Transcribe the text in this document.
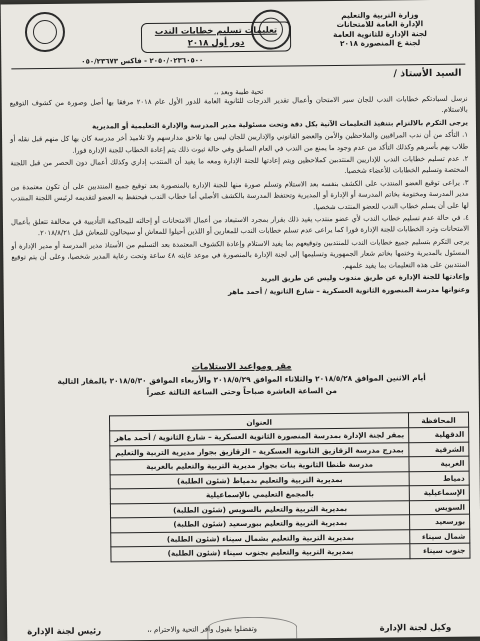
وزارة التربية والتعليم
الإدارة العامة للامتحانات
لجنة الإدارة للثانوية العامة
لجنة ع المنصورة ٢٠١٨
تعليمات تسليم خطابات الندب
دور أول ٢٠١٨
٢٠٥٠/٠٢٣٦٠٥٠٠ - فاكس ٠٥٠/٢٣٦٧٣
السيد الأستاذ /
تحية طيبة وبعد ،،

نرسل لسيادتكم خطابات الندب للجان سير الامتحان وأعمال تقدير الدرجات للثانوية العامة للدور الأول عام ٢٠١٨ مرفقا بها أصل وصورة من كشوف التوقيع بالاستلام.

يرجى التكرم بالالتزام بتنفيذ التعليمات الآتية بكل دقة وتحت مسئولية مدير المدرسة والإدارة التعليمية أو المديرية

١. التأكد من أن ندب المراقبين والملاحظين والأمن والعضو القانوني والإداريين للجان ليس بها تلاحق مدارسهم ولا تلاميذ أخر مدرسة كان بها كل منهم قبل نقله أو طلاب بهم بأسرهم وكذلك التأكد من عدم وجود ما يمنع من الندب في العام السابق وفي حالة ثبوت ذلك يتم إعادة الخطاب للجنة الإدارة فورا.

٢. عدم تسليم خطابات الندب للإداريين المنتدبين كملاحظين ويتم إعادتها للجنة الإدارة ومعه ما يفيد أن المنتدب إداري وكذلك أعمال دون الحصر من قبل اللجنة المختصة وتسليم الخطابات للأعضاء شخصيا.

٣. يراعى توقيع العضو المنتدب على الكشف بنفسه بعد الاستلام وتسلم صورة منها للجنة الإدارة بالمنصورة بعد توقيع جميع المنتدبين على أن تكون معتمدة من مدير المدرسة ومختومة بخاتم المدرسة أو الإدارة أو المديرية وتحتفظ المدرسة بالكشف الأصلي أما خطاب الندب فيحتفظ به العضو لتقديمه لرئيس اللجنة المنتدب لها على أن يسلم خطاب الندب للعضو المنتدب شخصيا.

٤. في حالة عدم تسليم خطاب الندب لأي عضو منتدب يقيد ذلك بقرار بمجرد الاستبعاد من أعمال الامتحانات أو إحالته للمحاكمة التأديبية في مخالفة تتعلق بأعمال الامتحانات وترد الخطابات للجنة الإدارة فورا كما يراعى عدم تسلم خطابات الندب للمعارين أو اللذين أحيلوا للمعاش أو سيحالون للمعاش قبل ٢٠١٨/٨/٢١.

يرجى التكرم بتسليم جميع خطابات الندب للمنتدبين وتوقيعهم بما يفيد الاستلام وإعادة الكشوف المعتمدة بعد التسليم من الأستاذ مدير المدرسة أو مدير الإدارة أو المسئول بالمديرية وختمها بخاتم شعار الجمهورية وتسليمها إلى لجنة الإدارة بالمنصورة في موعد غايته ٤٨ ساعة وتحت رعاية المدير شخصيا، وعلى أن يتم توقيع المنتدبين على هذه التعليمات بما يفيد علمهم.

وإعادتها للجنة الإدارة عن طريق مندوب وليس عن طريق البريد

وعنوانها مدرسة المنصورة الثانوية العسكرية – شارع الثانوية / أحمد ماهر

مقر ومواعيد الاستلامات
أيام الاثنين الموافق ٢٠١٨/٥/٢٨ والثلاثاء الموافق ٢٠١٨/٥/٢٩ والأربعاء الموافق ٢٠١٨/٥/٣٠ بالمقار التالية
من الساعة العاشرة صباحاً وحتى الساعة الثالثة عصراً
المحافظة	العنوان
الدقهلية	بمقر لجنة الإدارة بمدرسة المنصورة الثانوية العسكرية – شارع الثانوية / أحمد ماهر
الشرقية	بمدرج مدرسة الزقازيق الثانوية العسكرية – الزقازيق بجوار مديرية التربية والتعليم
الغربية	مدرسة طنطا الثانوية بنات بجوار مديرية التربية والتعليم بالغربية
دمياط	بمديرية التربية والتعليم بدمياط (شئون الطلبة)
الإسماعيلية	بالمجمع التعليمي بالإسماعيلية
السويس	بمديرية التربية والتعليم بالسويس (شئون الطلبة)
بورسعيد	بمديرية التربية والتعليم ببورسعيد (شئون الطلبة)
شمال سيناء	بمديرية التربية والتعليم بشمال سيناء (شئون الطلبة)
جنوب سيناء	بمديرية التربية والتعليم بجنوب سيناء (شئون الطلبة)
وكيل لجنة الإدارة
وتفضلوا بقبول وافر التحية والاحترام ،،
رئيس لجنة الإدارة
